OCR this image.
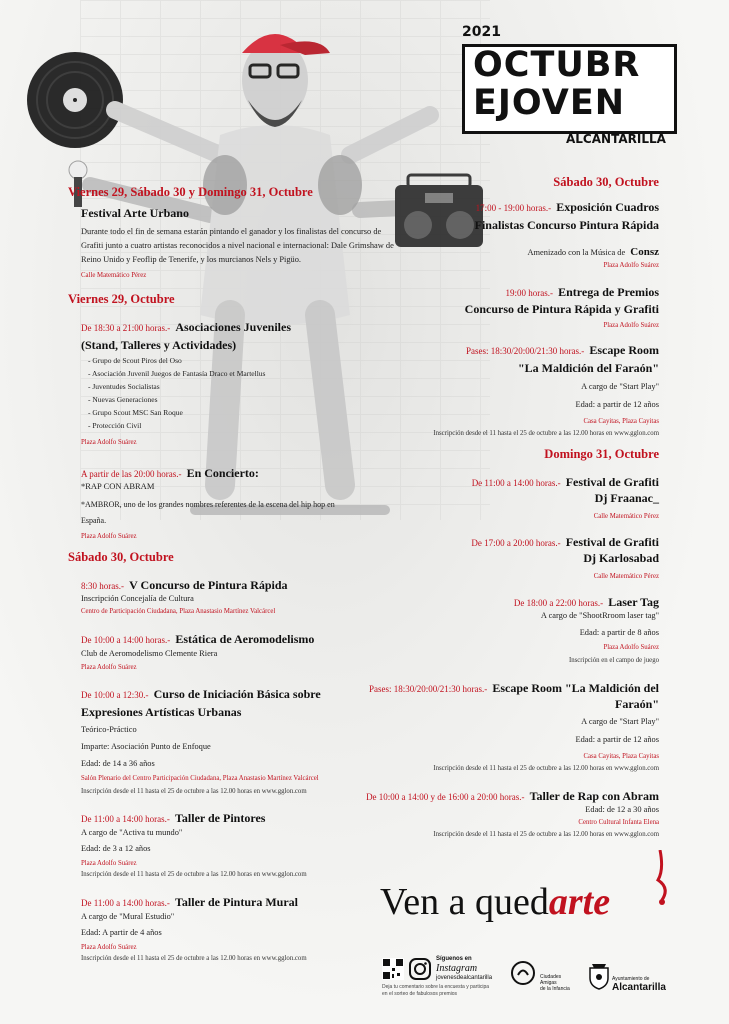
2021
OCTUBR
EJOVEN
ALCANTARILLA
Viernes 29, Sábado 30 y Domingo 31, Octubre
Festival Arte Urbano
Durante todo el fin de semana estarán pintando el ganador y los finalistas del concurso de
Grafiti junto a cuatro artistas reconocidos a nivel nacional e internacional: Dale Grimshaw de
Reino Unido y Feoflip de Tenerife, y los murcianos Nels y Pigüo.
Calle Matemático Pérez
Viernes 29, Octubre
De 18:30 a 21:00 horas.- Asociaciones Juveniles
(Stand, Talleres y Actividades)
- Grupo de Scout Piros del Oso
- Asociación Juvenil Juegos de Fantasía Draco et Martellus
- Juventudes Socialistas
- Nuevas Generaciones
- Grupo Scout MSC San Roque
- Protección Civil
Plaza Adolfo Suárez
A partir de las 20:00 horas.- En Concierto:
*RAP CON ABRAM
*AMBROR, uno de los grandes nombres referentes de la escena del hip hop en
España.
Plaza Adolfo Suárez
Sábado 30, Octubre
8:30 horas.- V Concurso de Pintura Rápida
Inscripción Concejalía de Cultura
Centro de Participación Ciudadana, Plaza Anastasio Martínez Valcárcel
De 10:00 a 14:00 horas.- Estática de Aeromodelismo
Club de Aeromodelismo Clemente Riera
Plaza Adolfo Suárez
De 10:00 a 12:30.- Curso de Iniciación Básica sobre
Expresiones Artísticas Urbanas
Teórico-Práctico
Imparte: Asociación Punto de Enfoque
Edad: de 14 a 36 años
Salón Plenario del Centro Participación Ciudadana, Plaza Anastasio Martínez Valcárcel
Inscripción desde el 11 hasta el 25 de octubre a las 12.00 horas en www.gglon.com
De 11:00 a 14:00 horas.- Taller de Pintores
A cargo de "Activa tu mundo"
Edad: de 3 a 12 años
Plaza Adolfo Suárez
Inscripción desde el 11 hasta el 25 de octubre a las 12.00 horas en www.gglon.com
De 11:00 a 14:00 horas.- Taller de Pintura Mural
A cargo de "Mural Estudio"
Edad: A partir de 4 años
Plaza Adolfo Suárez
Inscripción desde el 11 hasta el 25 de octubre a las 12.00 horas en www.gglon.com
Sábado 30, Octubre
17:00 - 19:00 horas.- Exposición Cuadros
Finalistas Concurso Pintura Rápida
Amenizado con la Música de Consz
Plaza Adolfo Suárez
19:00 horas.- Entrega de Premios
Concurso de Pintura Rápida y Grafiti
Plaza Adolfo Suárez
Pases: 18:30/20:00/21:30 horas.- Escape Room
"La Maldición del Faraón"
A cargo de "Start Play"
Edad: a partir de 12 años
Casa Cayitas, Plaza Cayitas
Inscripción desde el 11 hasta el 25 de octubre a las 12.00 horas en www.gglon.com
Domingo 31, Octubre
De 11:00 a 14:00 horas.- Festival de Grafiti
Dj Fraanac_
Calle Matemático Pérez
De 17:00 a 20:00 horas.- Festival de Grafiti
Dj Karlosabad
Calle Matemático Pérez
De 18:00 a 22:00 horas.- Laser Tag
A cargo de "ShootRroom laser tag"
Edad: a partir de 8 años
Plaza Adolfo Suárez
Inscripción en el campo de juego
Pases: 18:30/20:00/21:30 horas.- Escape Room "La Maldición del
Faraón"
A cargo de "Start Play"
Edad: a partir de 12 años
Casa Cayitas, Plaza Cayitas
Inscripción desde el 11 hasta el 25 de octubre a las 12.00 horas en www.gglon.com
De 10:00 a 14:00 y de 16:00 a 20:00 horas.- Taller de Rap con Abram
Edad: de 12 a 30 años
Centro Cultural Infanta Elena
Inscripción desde el 11 hasta el 25 de octubre a las 12.00 horas en www.gglon.com
Ven a quedarte
Síguenos en
Instagram
jovenesdealcantarilla
Deja tu comentario sobre la encuesta y participa
en el sorteo de fabulosos premios
Ciudades
Amigas
de la Infancia
Ayuntamiento de
Alcantarilla
